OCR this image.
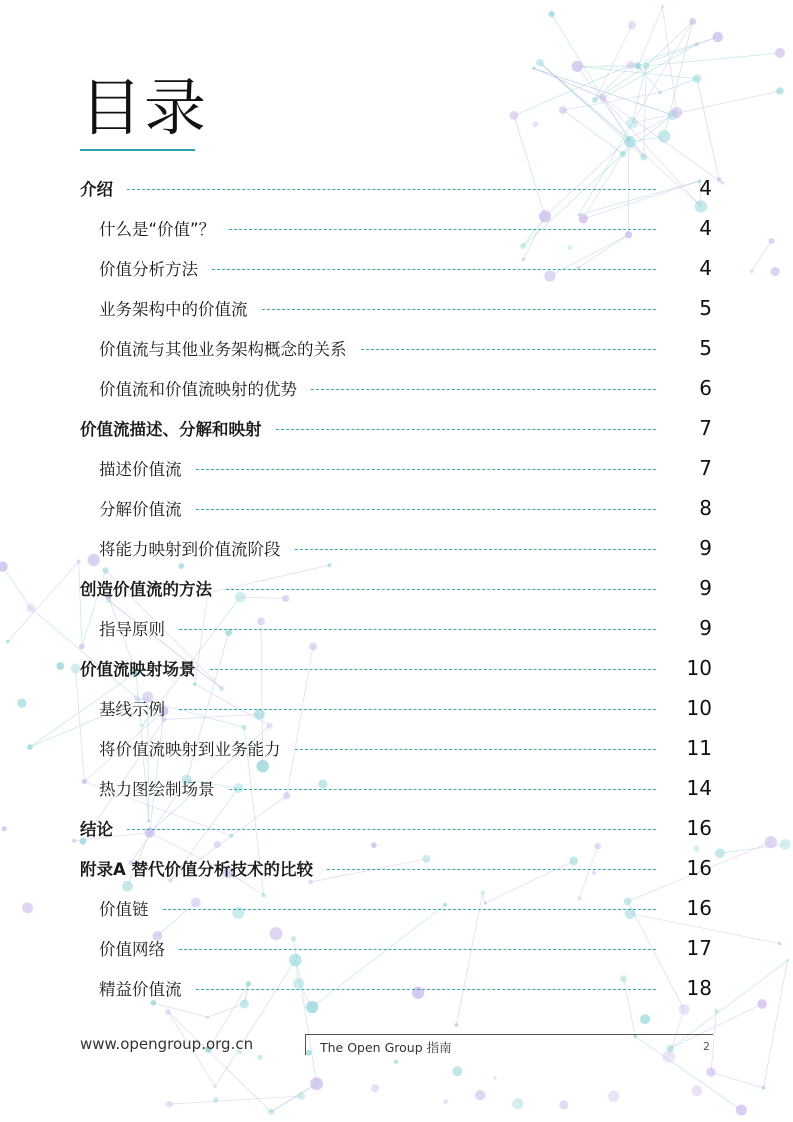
目录
介绍	4
什么是“价值”？	4
价值分析方法	4
业务架构中的价值流	5
价值流与其他业务架构概念的关系	5
价值流和价值流映射的优势	6
价值流描述、分解和映射	7
描述价值流	7
分解价值流	8
将能力映射到价值流阶段	9
创造价值流的方法	9
指导原则	9
价值流映射场景	10
基线示例	10
将价值流映射到业务能力	11
热力图绘制场景	14
结论	16
附录A 替代价值分析技术的比较	16
价值链	16
价值网络	17
精益价值流	18
www.opengroup.org.cn	The Open Group 指南	2
